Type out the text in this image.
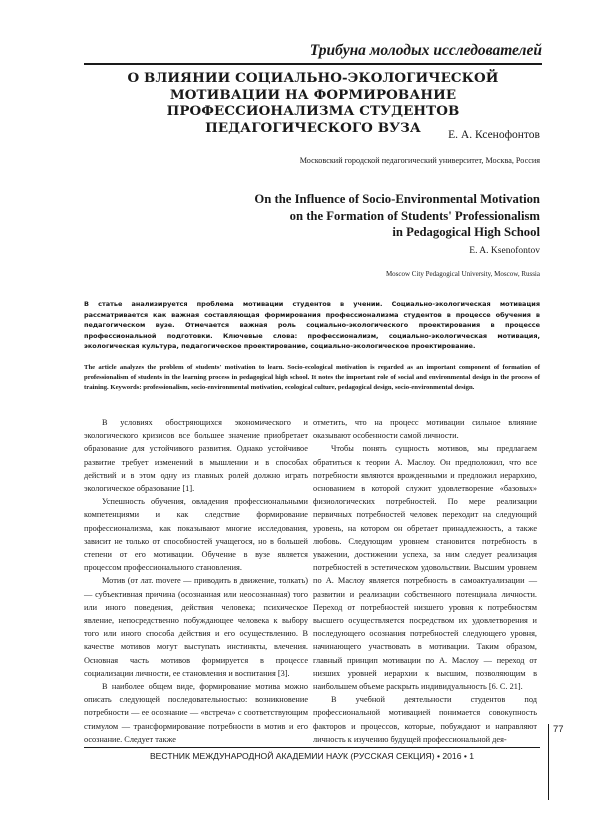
Трибуна молодых исследователей
О ВЛИЯНИИ СОЦИАЛЬНО-ЭКОЛОГИЧЕСКОЙ МОТИВАЦИИ НА ФОРМИРОВАНИЕ ПРОФЕССИОНАЛИЗМА СТУДЕНТОВ ПЕДАГОГИЧЕСКОГО ВУЗА	Е. А. Ксенофонтов
Московский городской педагогический университет, Москва, Россия
On the Influence of Socio-Environmental Motivation
on the Formation of Students' Professionalism
in Pedagogical High School
E. A. Ksenofontov
Moscow City Pedagogical University, Moscow, Russia
В статье анализируется проблема мотивации студентов в учении. Социально-экологическая мотивация рассматривается как важная составляющая формирования профессионализма студентов в процессе обучения в педагогическом вузе. Отмечается важная роль социально-экологического проектирования в процессе профессиональной подготовки. Ключевые слова: профессионализм, социально-экологическая мотивация, экологическая культура, педагогическое проектирование, социально-экологическое проектирование.
The article analyzes the problem of students' motivation to learn. Socio-ecological motivation is regarded as an important component of formation of professionalism of students in the learning process in pedagogical high school. It notes the important role of social and environmental design in the process of training. Keywords: professionalism, socio-environmental motivation, ecological culture, pedagogical design, socio-environmental design.

В условиях обостряющихся экономического и экологического кризисов все большее значение приобретает образование для устойчивого развития. Однако устойчивое развитие требует изменений в мышлении и в способах действий и в этом одну из главных ролей должно играть экологическое образование [1].

Успешность обучения, овладения профессиональными компетенциями и как следствие формирование профессионализма, как показывают многие исследования, зависит не только от способностей учащегося, но в большей степени от его мотивации. Обучение в вузе является процессом профессионального становления.

Мотив (от лат. movere — приводить в движение, толкать) — субъективная причина (осознанная или неосознанная) того или иного поведения, действия человека; психическое явление, непосредственно побуждающее человека к выбору того или иного способа действия и его осуществлению. В качестве мотивов могут выступать инстинкты, влечения. Основная часть мотивов формируется в процессе социализации личности, ее становления и воспитания [3].

В наиболее общем виде, формирование мотива можно описать следующей последовательностью: возникновение потребности — ее осознание — «встреча» с соответствующим стимулом — трансформирование потребности в мотив и его осознание. Следует также

отметить, что на процесс мотивации сильное влияние оказывают особенности самой личности.

Чтобы понять сущность мотивов, мы предлагаем обратиться к теории А. Маслоу. Он предположил, что все потребности являются врожденными и предложил иерархию, основанием в которой служит удовлетворение «базовых» физиологических потребностей. По мере реализации первичных потребностей человек переходит на следующий уровень, на котором он обретает принадлежность, а также любовь. Следующим уровнем становится потребность в уважении, достижении успеха, за ним следует реализация потребностей в эстетическом удовольствии. Высшим уровнем по А. Маслоу является потребность в самоактуализации — развитии и реализации собственного потенциала личности. Переход от потребностей низшего уровня к потребностям высшего осуществляется посредством их удовлетворения и последующего осознания потребностей следующего уровня, начинающего участвовать в мотивации. Таким образом, главный принцип мотивации по А. Маслоу — переход от низших уровней иерархии к высшим, позволяющим в наибольшем объеме раскрыть индивидуальность [6. С. 21].

В учебной деятельности студентов под профессиональной мотивацией понимается совокупность факторов и процессов, которые, побуждают и направляют личность к изучению будущей профессиональной дея-

ВЕСТНИК МЕЖДУНАРОДНОЙ АКАДЕМИИ НАУК (РУССКАЯ СЕКЦИЯ) • 2016 • 1
77
